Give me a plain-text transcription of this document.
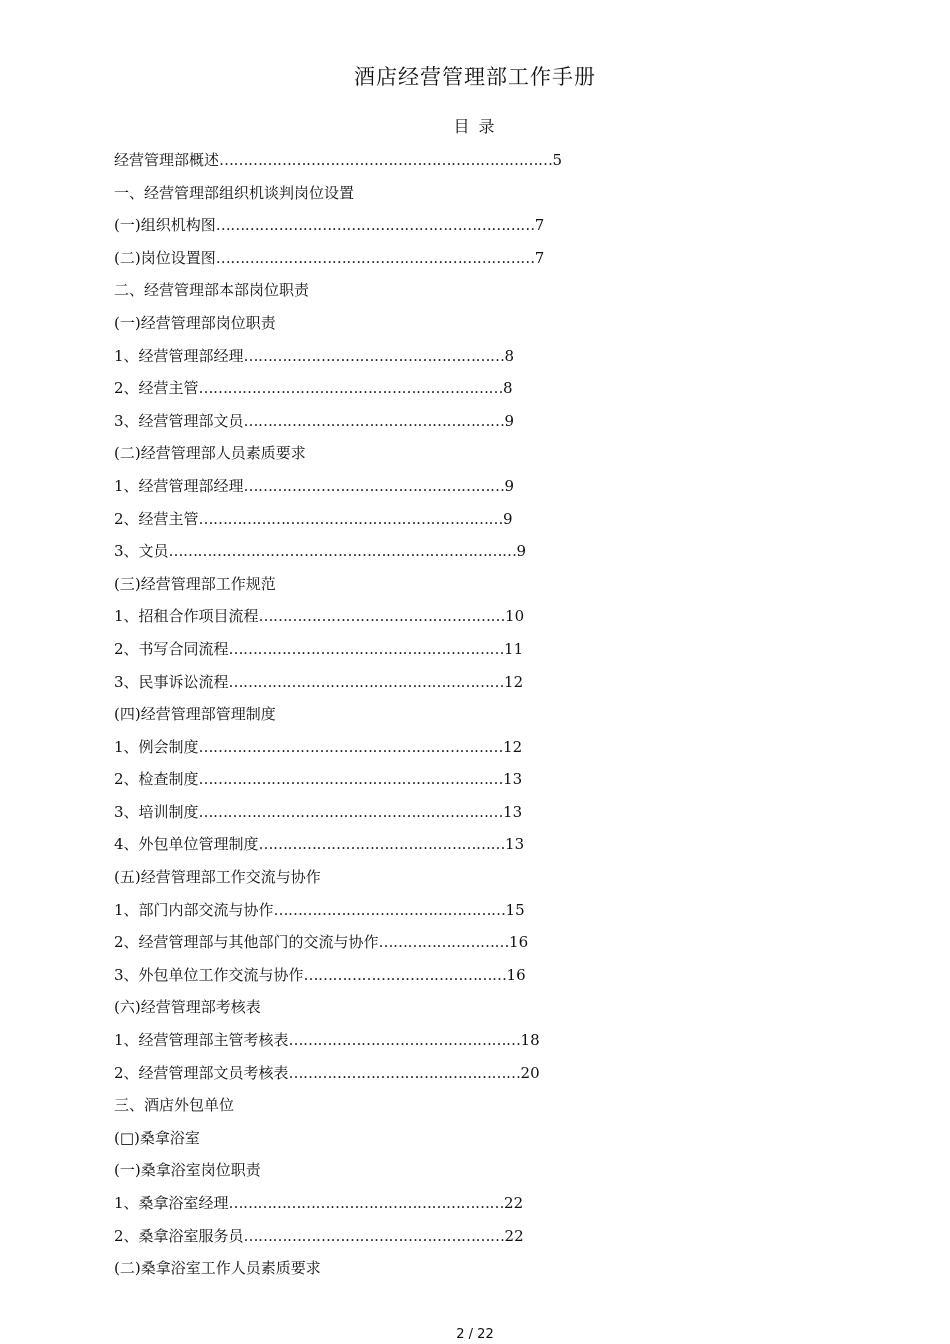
酒店经营管理部工作手册
目 录
经营管理部概述 …………………………………………………………… 5
一、经营管理部组织机谈判岗位设置
(一)组织机构图 ………………………………………………………… 7
(二)岗位设置图 ………………………………………………………… 7
二、经营管理部本部岗位职责
(一)经营管理部岗位职责
1、经营管理部经理 ……………………………………………… 8
2、经营主管 ……………………………………………………… 8
3、经营管理部文员 ……………………………………………… 9
(二)经营管理部人员素质要求
1、经营管理部经理 ……………………………………………… 9
2、经营主管 ……………………………………………………… 9
3、文员 ……………………………………………………………… 9
(三)经营管理部工作规范
1、招租合作项目流程 …………………………………………… 10
2、书写合同流程 ………………………………………………… 11
3、民事诉讼流程 ………………………………………………… 12
(四)经营管理部管理制度
1、例会制度 ……………………………………………………… 12
2、检查制度 ……………………………………………………… 13
3、培训制度 ……………………………………………………… 13
4、外包单位管理制度 …………………………………………… 13
(五)经营管理部工作交流与协作
1、部门内部交流与协作 ………………………………………… 15
2、经营管理部与其他部门的交流与协作 ……………………… 16
3、外包单位工作交流与协作 …………………………………… 16
(六)经营管理部考核表
1、经营管理部主管考核表 ………………………………………… 18
2、经营管理部文员考核表 ………………………………………… 20
三、酒店外包单位
(□)桑拿浴室
(一)桑拿浴室岗位职责
1、桑拿浴室经理 ………………………………………………… 22
2、桑拿浴室服务员 ……………………………………………… 22
(二)桑拿浴室工作人员素质要求
2 / 22
